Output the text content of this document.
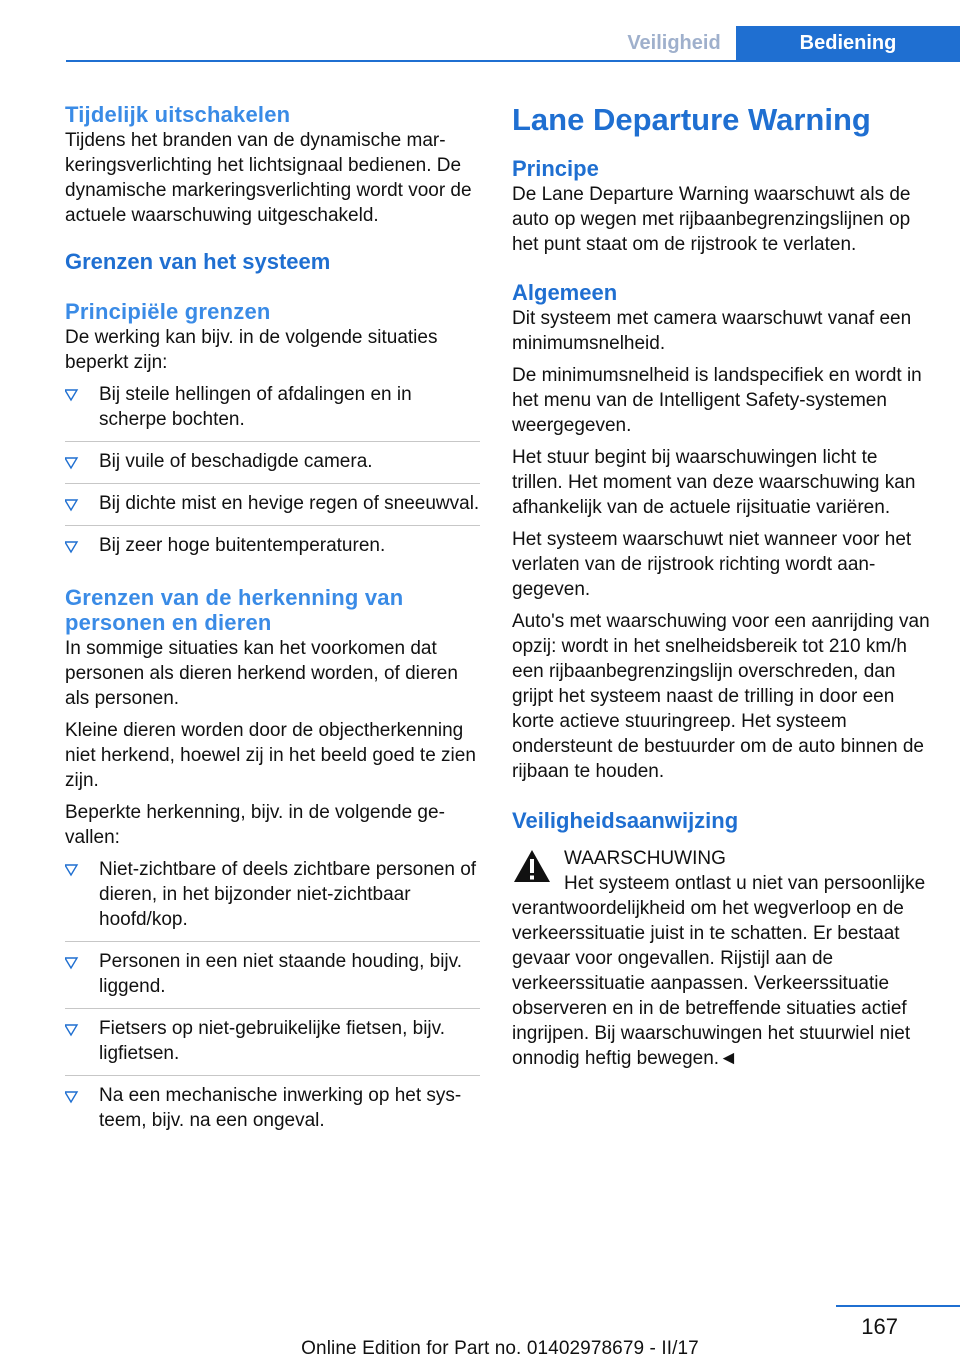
Veiligheid	Bediening
Tijdelijk uitschakelen

Tijdens het branden van de dynamische markeringsverlichting het lichtsignaal bedienen. De dynamische markeringsverlichting wordt voor de actuele waarschuwing uitgeschakeld.

Grenzen van het systeem
Principiële grenzen

De werking kan bijv. in de volgende situaties beperkt zijn:

Bij steile hellingen of afdalingen en in scherpe bochten.
Bij vuile of beschadigde camera.
Bij dichte mist en hevige regen of sneeuwval.
Bij zeer hoge buitentemperaturen.
Grenzen van de herkenning van personen en dieren

In sommige situaties kan het voorkomen dat personen als dieren herkend worden, of dieren als personen.

Kleine dieren worden door de objectherkenning niet herkend, hoewel zij in het beeld goed te zien zijn.

Beperkte herkenning, bijv. in de volgende gevallen:

Niet-zichtbare of deels zichtbare personen of dieren, in het bijzonder niet-zichtbaar hoofd/kop.
Personen in een niet staande houding, bijv. liggend.
Fietsers op niet-gebruikelijke fietsen, bijv. ligfietsen.
Na een mechanische inwerking op het systeem, bijv. na een ongeval.
Lane Departure Warning
Principe

De Lane Departure Warning waarschuwt als de auto op wegen met rijbaanbegrenzingslijnen op het punt staat om de rijstrook te verlaten.

Algemeen

Dit systeem met camera waarschuwt vanaf een minimumsnelheid.

De minimumsnelheid is landspecifiek en wordt in het menu van de Intelligent Safety-systemen weergegeven.

Het stuur begint bij waarschuwingen licht te trillen. Het moment van deze waarschuwing kan afhankelijk van de actuele rijsituatie variëren.

Het systeem waarschuwt niet wanneer voor het verlaten van de rijstrook richting wordt aangegeven.

Auto's met waarschuwing voor een aanrijding van opzij: wordt in het snelheidsbereik tot 210 km/h een rijbaanbegrenzingslijn overschreden, dan grijpt het systeem naast de trilling in door een korte actieve stuuringreep. Het systeem ondersteunt de bestuurder om de auto binnen de rijbaan te houden.

Veiligheidsaanwijzing

WAARSCHUWING

Het systeem ontlast u niet van persoonlijke verantwoordelijkheid om het wegverloop en de verkeerssituatie juist in te schatten. Er bestaat gevaar voor ongevallen. Rijstijl aan de verkeerssituatie aanpassen. Verkeerssituatie observeren en in de betreffende situaties actief ingrijpen. Bij waarschuwingen het stuurwiel niet onnodig heftig bewegen.◄

167
Online Edition for Part no. 01402978679 - II/17
